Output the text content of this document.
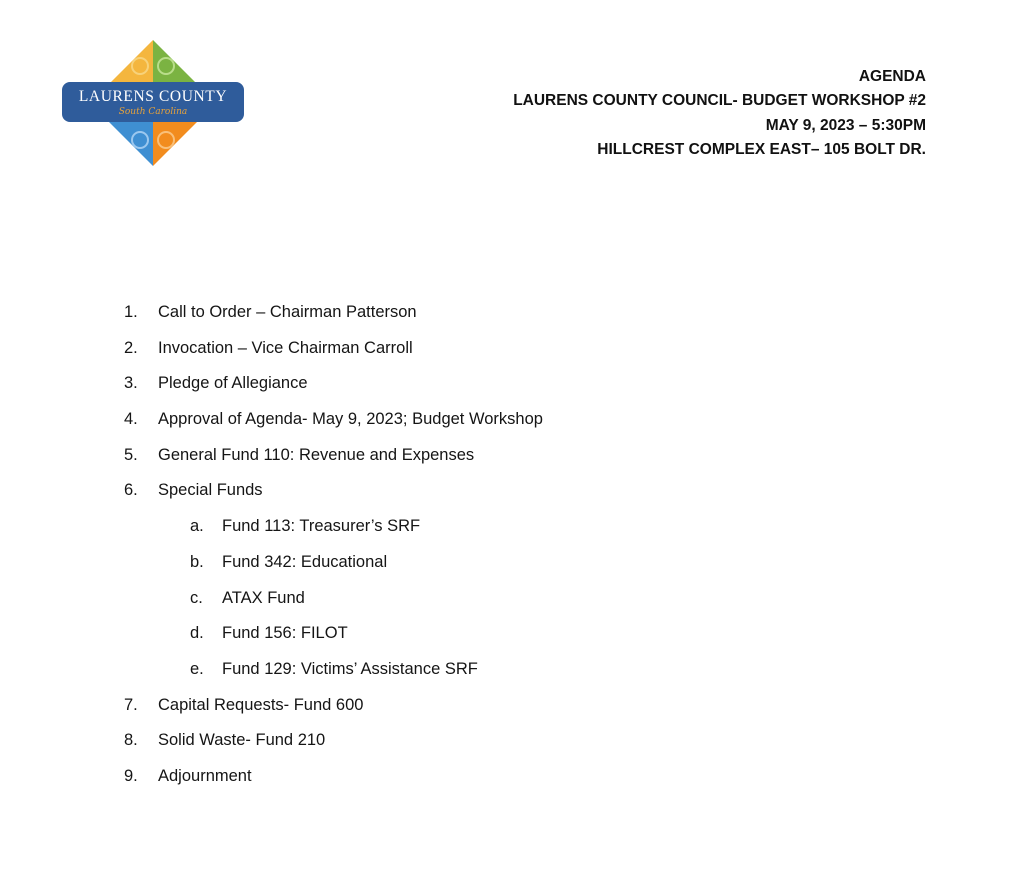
LAURENS COUNTY
South Carolina
AGENDA
LAURENS COUNTY COUNCIL- BUDGET WORKSHOP #2
MAY 9, 2023 – 5:30PM
HILLCREST COMPLEX EAST– 105 BOLT DR.
1. Call to Order – Chairman Patterson
2. Invocation – Vice Chairman Carroll
3. Pledge of Allegiance
4. Approval of Agenda- May 9, 2023; Budget Workshop
5. General Fund 110: Revenue and Expenses
6. Special Funds
a. Fund 113: Treasurer’s SRF
b. Fund 342: Educational
c. ATAX Fund
d. Fund 156: FILOT
e. Fund 129: Victims’ Assistance SRF
7. Capital Requests- Fund 600
8. Solid Waste- Fund 210
9. Adjournment
